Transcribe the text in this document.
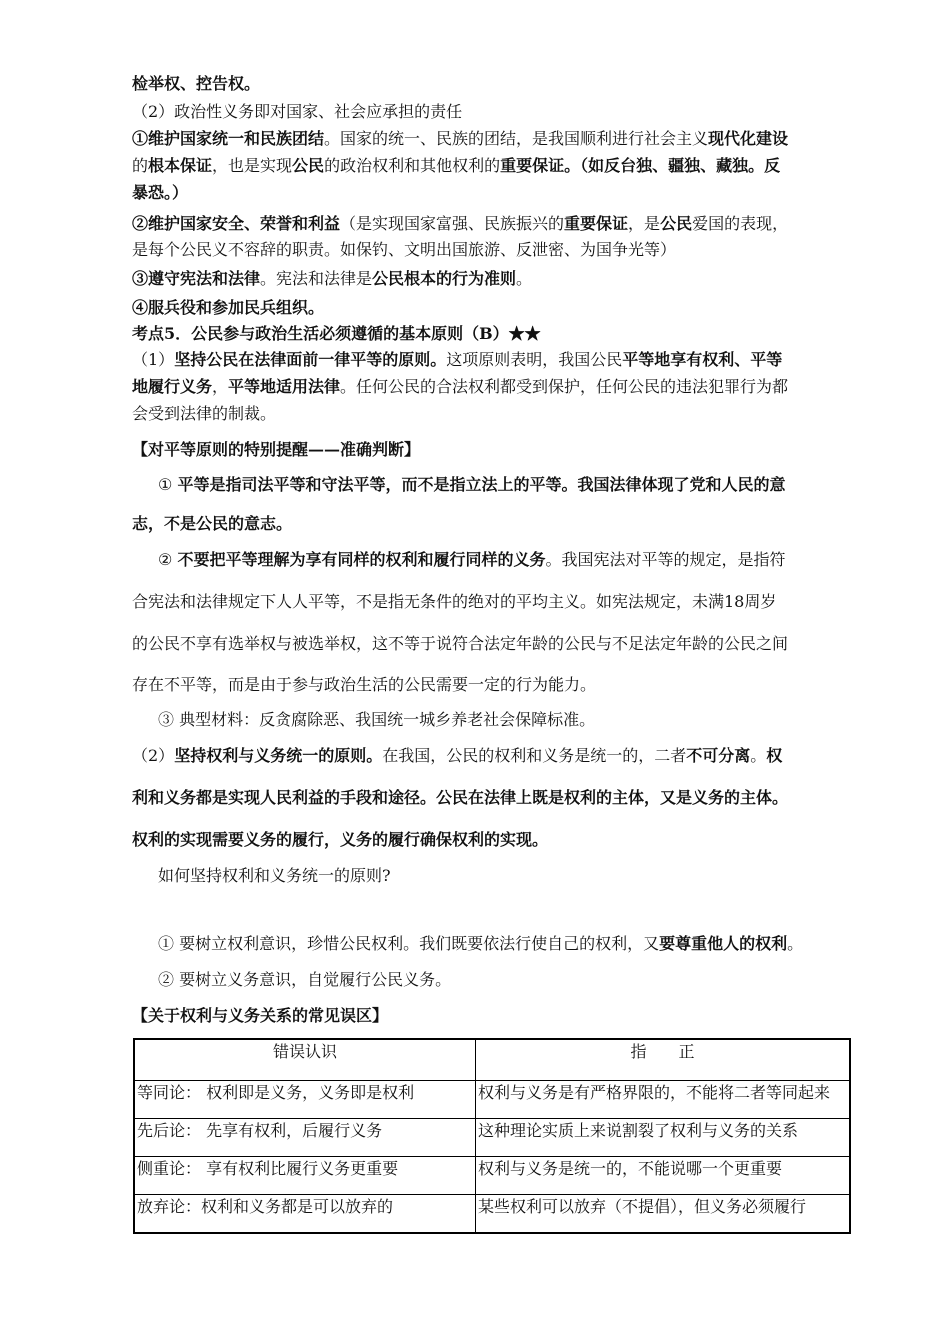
检举权、控告权。
（2）政治性义务即对国家、社会应承担的责任
①维护国家统一和民族团结。国家的统一、民族的团结，是我国顺利进行社会主义现代化建设
的根本保证，也是实现公民的政治权利和其他权利的重要保证。（如反台独、疆独、藏独。反
暴恐。）
②维护国家安全、荣誉和利益（是实现国家富强、民族振兴的重要保证，是公民爱国的表现，
是每个公民义不容辞的职责。如保钓、文明出国旅游、反泄密、为国争光等）
③遵守宪法和法律。宪法和法律是公民根本的行为准则。
④服兵役和参加民兵组织。
考点5．公民参与政治生活必须遵循的基本原则（B）★★
（1）坚持公民在法律面前一律平等的原则。这项原则表明，我国公民平等地享有权利、平等
地履行义务，平等地适用法律。任何公民的合法权利都受到保护，任何公民的违法犯罪行为都
会受到法律的制裁。
【对平等原则的特别提醒——准确判断】
① 平等是指司法平等和守法平等，而不是指立法上的平等。我国法律体现了党和人民的意
志，不是公民的意志。
② 不要把平等理解为享有同样的权利和履行同样的义务。我国宪法对平等的规定，是指符
合宪法和法律规定下人人平等，不是指无条件的绝对的平均主义。如宪法规定，未满18周岁
的公民不享有选举权与被选举权，这不等于说符合法定年龄的公民与不足法定年龄的公民之间
存在不平等，而是由于参与政治生活的公民需要一定的行为能力。
③ 典型材料：反贪腐除恶、我国统一城乡养老社会保障标准。
（2）坚持权利与义务统一的原则。在我国，公民的权利和义务是统一的，二者不可分离。权
利和义务都是实现人民利益的手段和途径。公民在法律上既是权利的主体，又是义务的主体。
权利的实现需要义务的履行，义务的履行确保权利的实现。
如何坚持权利和义务统一的原则?
① 要树立权利意识，珍惜公民权利。我们既要依法行使自己的权利，又要尊重他人的权利。
② 要树立义务意识，自觉履行公民义务。
【关于权利与义务关系的常见误区】
错误认识	指　　正
等同论： 权利即是义务，义务即是权利	权利与义务是有严格界限的，不能将二者等同起来
先后论： 先享有权利，后履行义务	这种理论实质上来说割裂了权利与义务的关系
侧重论： 享有权利比履行义务更重要	权利与义务是统一的，不能说哪一个更重要
放弃论：权利和义务都是可以放弃的	某些权利可以放弃（不提倡），但义务必须履行
